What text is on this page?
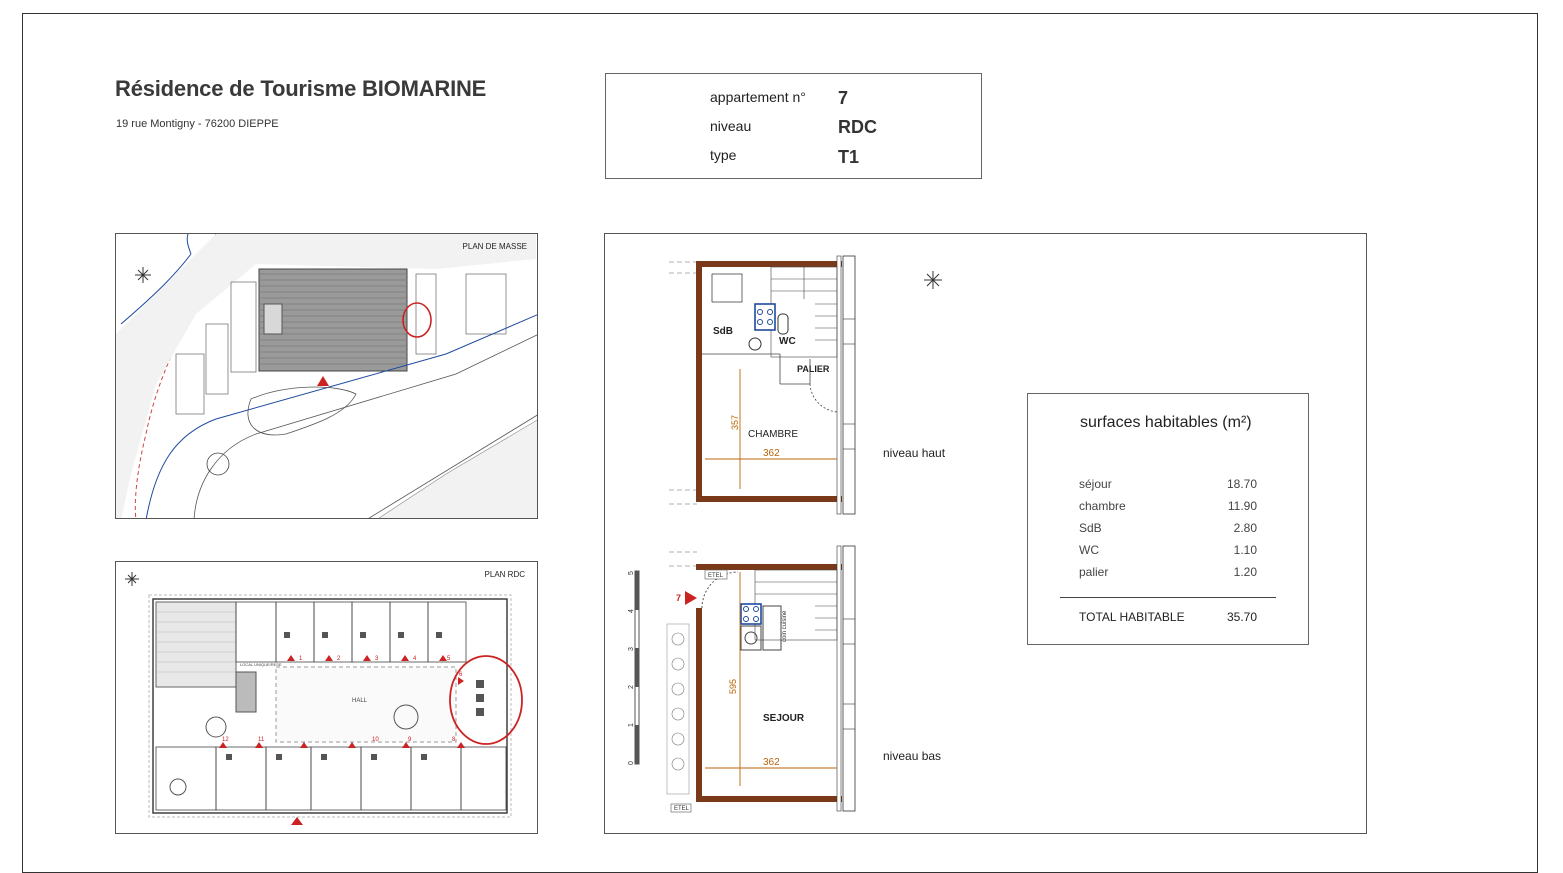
Résidence de Tourisme BIOMARINE
19 rue Montigny - 76200 DIEPPE
appartement n° 7
niveau	RDC
type	T1
PLAN DE MASSE
HALL
LOCAL UNIQUE/RESE
1	2	3	4	5
6
12	11	10	9	8
PLAN RDC
357
362
SdB
WC
PALIER
CHAMBRE
coin cuisine
7
ETEL
ETEL
595
362
SEJOUR
0
1
2
3
4
5
niveau haut
niveau bas
surfaces habitables (m²)
séjour	18.70
chambre	11.90
SdB	2.80
WC	1.10
palier	1.20
TOTAL HABITABLE	35.70
